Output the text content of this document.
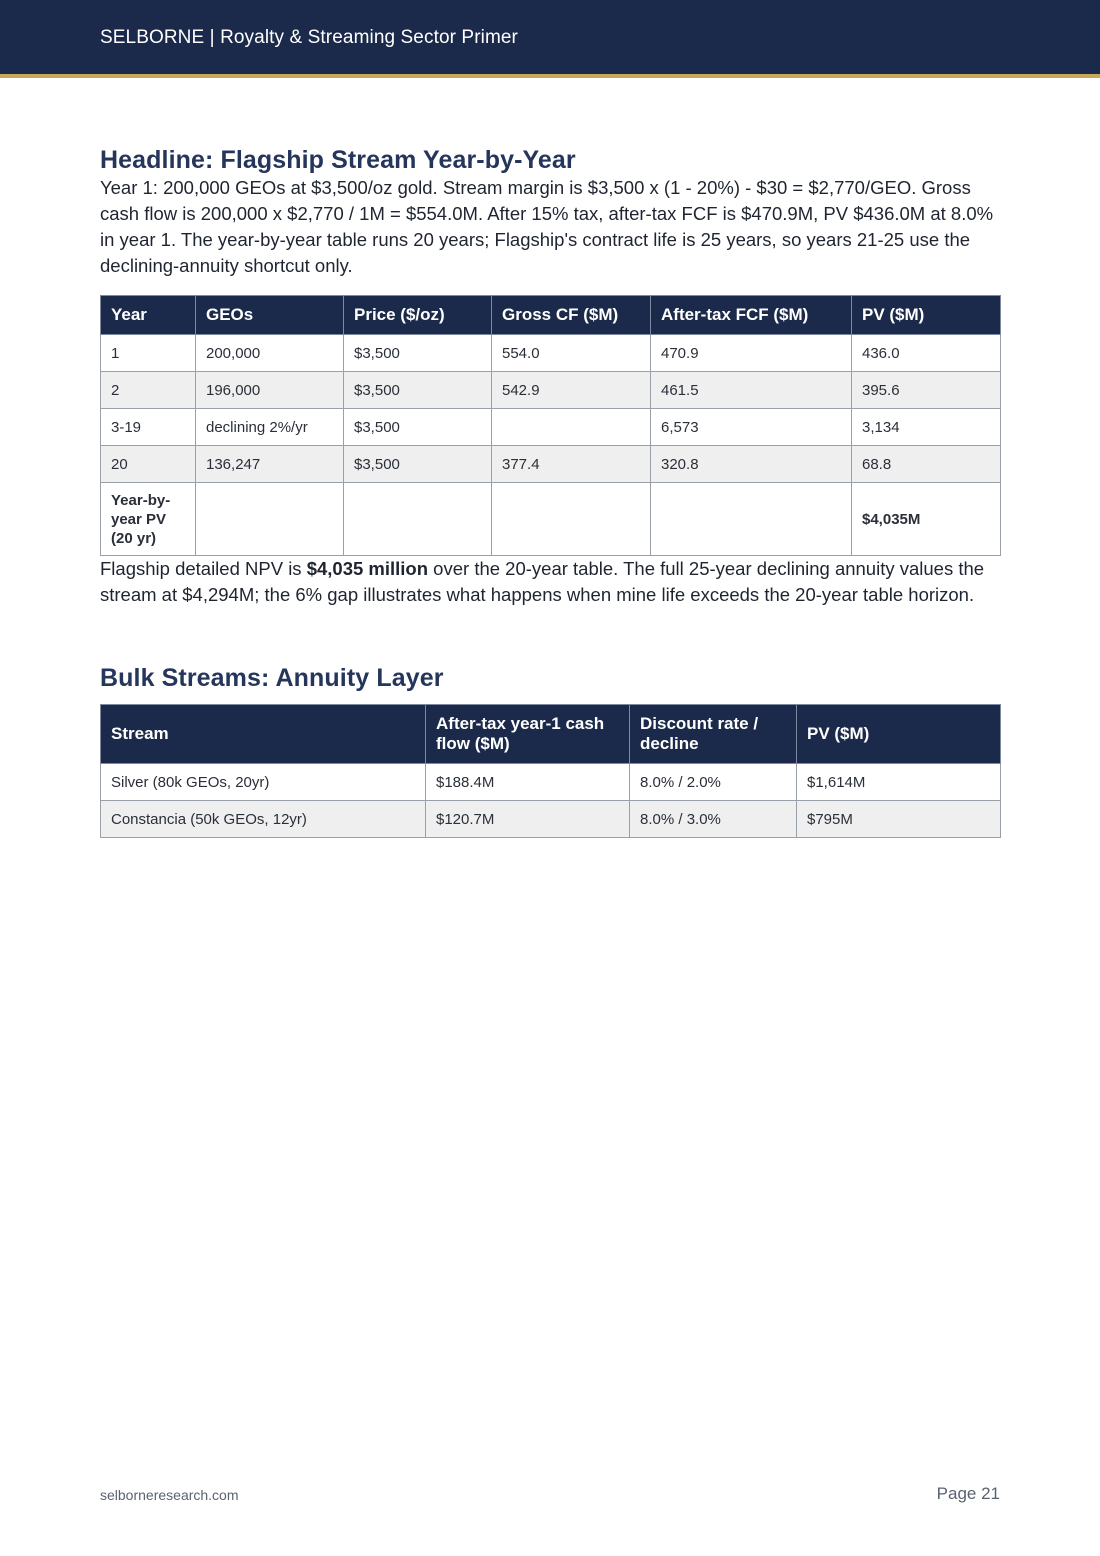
SELBORNE | Royalty & Streaming Sector Primer
Headline: Flagship Stream Year-by-Year

Year 1: 200,000 GEOs at $3,500/oz gold. Stream margin is $3,500 x (1 - 20%) - $30 = $2,770/GEO. Gross cash flow is 200,000 x $2,770 / 1M = $554.0M. After 15% tax, after-tax FCF is $470.9M, PV $436.0M at 8.0% in year 1. The year-by-year table runs 20 years; Flagship's contract life is 25 years, so years 21-25 use the declining-annuity shortcut only.

Year	GEOs	Price ($/oz)	Gross CF ($M)	After-tax FCF ($M)	PV ($M)
1	200,000	$3,500	554.0	470.9	436.0
2	196,000	$3,500	542.9	461.5	395.6
3-19	declining 2%/yr	$3,500		6,573	3,134
20	136,247	$3,500	377.4	320.8	68.8
Year-by-year PV (20 yr)					$4,035M

Flagship detailed NPV is $4,035 million over the 20-year table. The full 25-year declining annuity values the stream at $4,294M; the 6% gap illustrates what happens when mine life exceeds the 20-year table horizon.

Bulk Streams: Annuity Layer
Stream	After-tax year-1 cash flow ($M)	Discount rate / decline	PV ($M)
Silver (80k GEOs, 20yr)	$188.4M	8.0% / 2.0%	$1,614M
Constancia (50k GEOs, 12yr)	$120.7M	8.0% / 3.0%	$795M
selborneresearch.com	Page 21
